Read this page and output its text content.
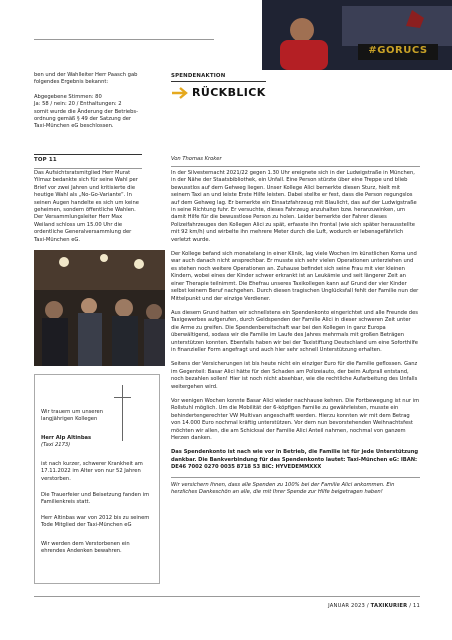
ben und der Wahlleiter Herr Paasch gab folgendes Ergebnis bekannt:

Abgegebene Stimmen: 80

Ja: 58 / nein: 20 / Enthaltungen: 2

somit wurde die Änderung der Betriebsordnung gemäß § 49 der Satzung der Taxi-München eG beschlossen.

TOP 11

Das Aufsichtsratsmitglied Herr Murat Yilmaz bedankte sich für seine Wahl per Brief vor zwei Jahren und kritisierte die heutige Wahl als „No-Go-Variante“. In seinen Augen handelte es sich um keine geheimen, sondern öffentliche Wahlen. Der Versammlungsleiter Herr Max Weiland schloss um 15.00 Uhr die ordentliche Generalversammlung der Taxi-München eG.

#GORUCS
SPENDENAKTION
RÜCKBLICK
Von Thomas Kroker

In der Silvesternacht 2021/22 gegen 1.30 Uhr ereignete sich in der Ludwigstraße in München, in der Nähe der Staatsbibliothek, ein Unfall. Eine Person stürzte über eine Treppe und blieb bewusstlos auf dem Gehweg liegen. Unser Kollege Alici bemerkte diesen Sturz, hielt mit seinem Taxi an und leiste Erste Hilfe leisten. Dabei stellte er fest, dass die Person regungslos auf dem Gehweg lag. Er bemerkte ein Einsatzfahrzeug mit Blaulicht, das auf der Ludwigstraße in seine Richtung fuhr. Er versuchte, dieses Fahrzeug anzuhalten bzw. heranzuwinken, um damit Hilfe für die bewusstlose Person zu holen. Leider bemerkte der Fahrer dieses Polizeifahrzeuges den Kollegen Alici zu spät, erfasste ihn frontal (wie sich später herausstellte mit 92 km/h) und wirbelte ihn mehrere Meter durch die Luft, wodurch er lebensgefährlich verletzt wurde.

Der Kollege befand sich monatelang in einer Klinik, lag viele Wochen im künstlichen Koma und war auch danach nicht ansprechbar. Er musste sich sehr vielen Operationen unterziehen und es stehen noch weitere Operationen an. Zuhause befindet sich seine Frau mit vier kleinen Kindern, wobei eines der Kinder schwer erkrankt ist an Leukämie und seit längerer Zeit an einer Therapie teilnimmt. Die Ehefrau unseres Taxikollegen kann auf Grund der vier Kinder selbst keinem Beruf nachgehen. Durch diesen tragischen Unglücksfall fehlt der Familie nun der Mittelpunkt und der einzige Verdiener.

Aus diesem Grund hatten wir schnellstens ein Spendenkonto eingerichtet und alle Freunde des Taxigewerbes aufgerufen, durch Geldspenden der Familie Alici in dieser schweren Zeit unter die Arme zu greifen. Die Spendenbereitschaft war bei den Kollegen in ganz Europa überwältigend, sodass wir die Familie im Laufe des Jahres mehrmals mit großen Beträgen unterstützen konnten. Ebenfalls haben wir bei der Taxistiftung Deutschland um eine Soforthilfe in finanzieller Form angefragt und auch hier sehr schnell Unterstützung erhalten.

Seitens der Versicherungen ist bis heute nicht ein einziger Euro für die Familie geflossen. Ganz im Gegenteil: Basar Alici hätte für den Schaden am Polizeiauto, der beim Aufprall entstand, noch bezahlen sollen! Hier ist noch nicht absehbar, wie die rechtliche Aufarbeitung des Unfalls weitergehen wird.

Vor wenigen Wochen konnte Basar Alici wieder nachhause kehren. Die Fortbewegung ist nur im Rollstuhl möglich. Um die Mobilität der 6-köpfigen Familie zu gewährleisten, musste ein behindertengerechter VW Multivan angeschafft werden. Hierzu konnten wir mit dem Betrag von 14.000 Euro nochmal kräftig unterstützen. Vor dem nun bevorstehenden Weihnachtsfest möchten wir allen, die am Schicksal der Familie Alici Anteil nahmen, nochmal von ganzem Herzen danken.

Das Spendenkonto ist nach wie vor in Betrieb, die Familie ist für jede Unterstützung dankbar. Die Bankverbindung für das Spendenkonto lautet: Taxi-München eG: IBAN: DE46 7002 0270 0035 8718 53 BIC: HYVEDEMMXXX

Wir versichern Ihnen, dass alle Spenden zu 100% bei der Familie Alici ankommen. Ein herzliches Dankeschön an alle, die mit Ihrer Spende zur Hilfe beigetragen haben!

Wir trauern um unseren langjährigen Kollegen

Herr Alp Altinbas

(Taxi 2173)

ist nach kurzer, schwerer Krankheit am 17.11.2022 im Alter von nur 52 Jahren verstorben.

Die Trauerfeier und Beisetzung fanden im Familienkreis statt.

Herr Altinbas war von 2012 bis zu seinem Tode Mitglied der Taxi-München eG

Wir werden dem Verstorbenen ein ehrendes Andenken bewahren.

JANUAR 2023 / TAXIKURIER / 11
